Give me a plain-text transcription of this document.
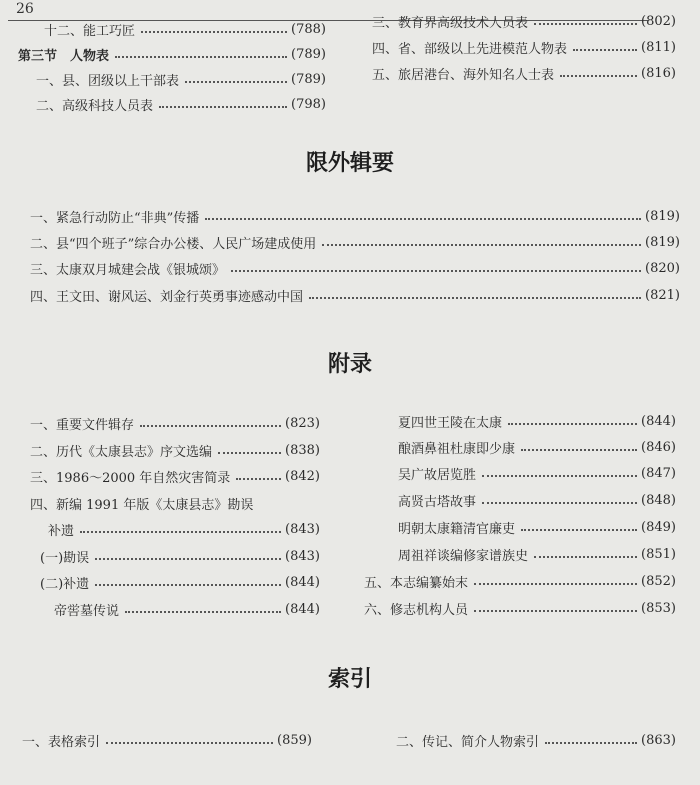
26
十二、能工巧匠	(788)
第三节　人物表	(789)
一、县、团级以上干部表	(789)
二、高级科技人员表	(798)
三、教育界高级技术人员表	(802)
四、省、部级以上先进模范人物表	(811)
五、旅居港台、海外知名人士表	(816)
限外辑要
一、紧急行动防止“非典”传播	(819)
二、县“四个班子”综合办公楼、人民广场建成使用	(819)
三、太康双月城建会战《银城颂》	(820)
四、王文田、谢风运、刘金行英勇事迹感动中国	(821)
附录
一、重要文件辑存	(823)
二、历代《太康县志》序文选编	(838)
三、1986～2000 年自然灾害简录	(842)
四、新编 1991 年版《太康县志》勘误
补遗	(843)
(一)勘误	(843)
(二)补遗	(844)
帝喾墓传说	(844)
夏四世王陵在太康	(844)
酿酒鼻祖杜康即少康	(846)
吴广故居览胜	(847)
高贤古塔故事	(848)
明朝太康籍清官廉吏	(849)
周祖祥谈编修家谱族史	(851)
五、本志编纂始末	(852)
六、修志机构人员	(853)
索引
一、表格索引	(859)	二、传记、简介人物索引	(863)
